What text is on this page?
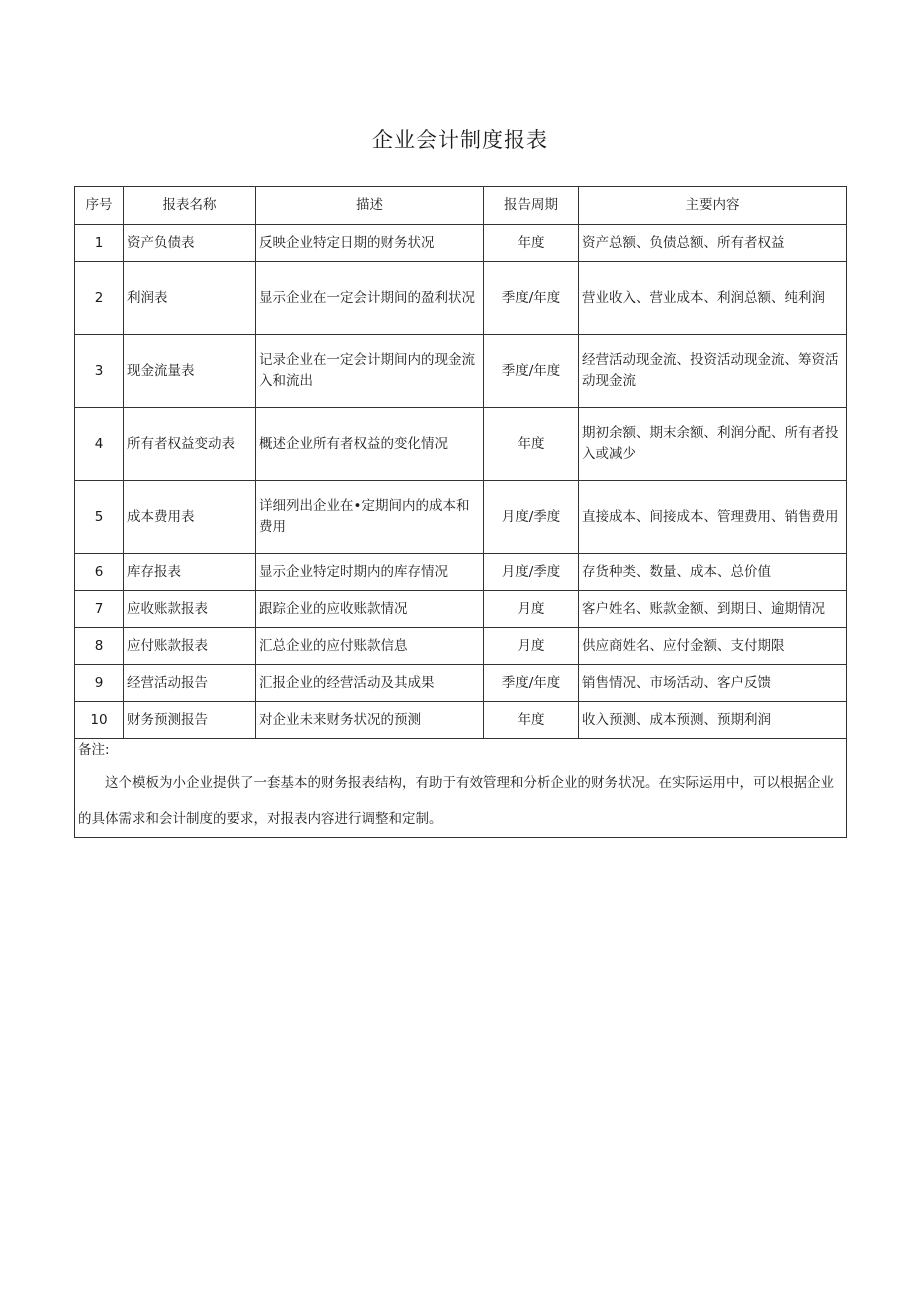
企业会计制度报表
序号	报表名称	描述	报告周期	主要内容
1	资产负债表	反映企业特定日期的财务状况	年度	资产总额、负债总额、所有者权益
2	利润表	显示企业在一定会计期间的盈利状况	季度/年度	营业收入、营业成本、利润总额、纯利润
3	现金流量表	记录企业在一定会计期间内的现金流入和流出	季度/年度	经营活动现金流、投资活动现金流、筹资活动现金流
4	所有者权益变动表	概述企业所有者权益的变化情况	年度	期初余额、期末余额、利润分配、所有者投入或减少
5	成本费用表	详细列出企业在•定期间内的成本和费用	月度/季度	直接成本、间接成本、管理费用、销售费用
6	库存报表	显示企业特定时期内的库存情况	月度/季度	存货种类、数量、成本、总价值
7	应收账款报表	跟踪企业的应收账款情况	月度	客户姓名、账款金额、到期日、逾期情况
8	应付账款报表	汇总企业的应付账款信息	月度	供应商姓名、应付金额、支付期限
9	经营活动报告	汇报企业的经营活动及其成果	季度/年度	销售情况、市场活动、客户反馈
10	财务预测报告	对企业未来财务状况的预测	年度	收入预测、成本预测、预期利润

备注:
这个模板为小企业提供了一套基本的财务报表结构，有助于有效管理和分析企业的财务状况。在实际运用中，可以根据企业的具体需求和会计制度的要求，对报表内容进行调整和定制。				
